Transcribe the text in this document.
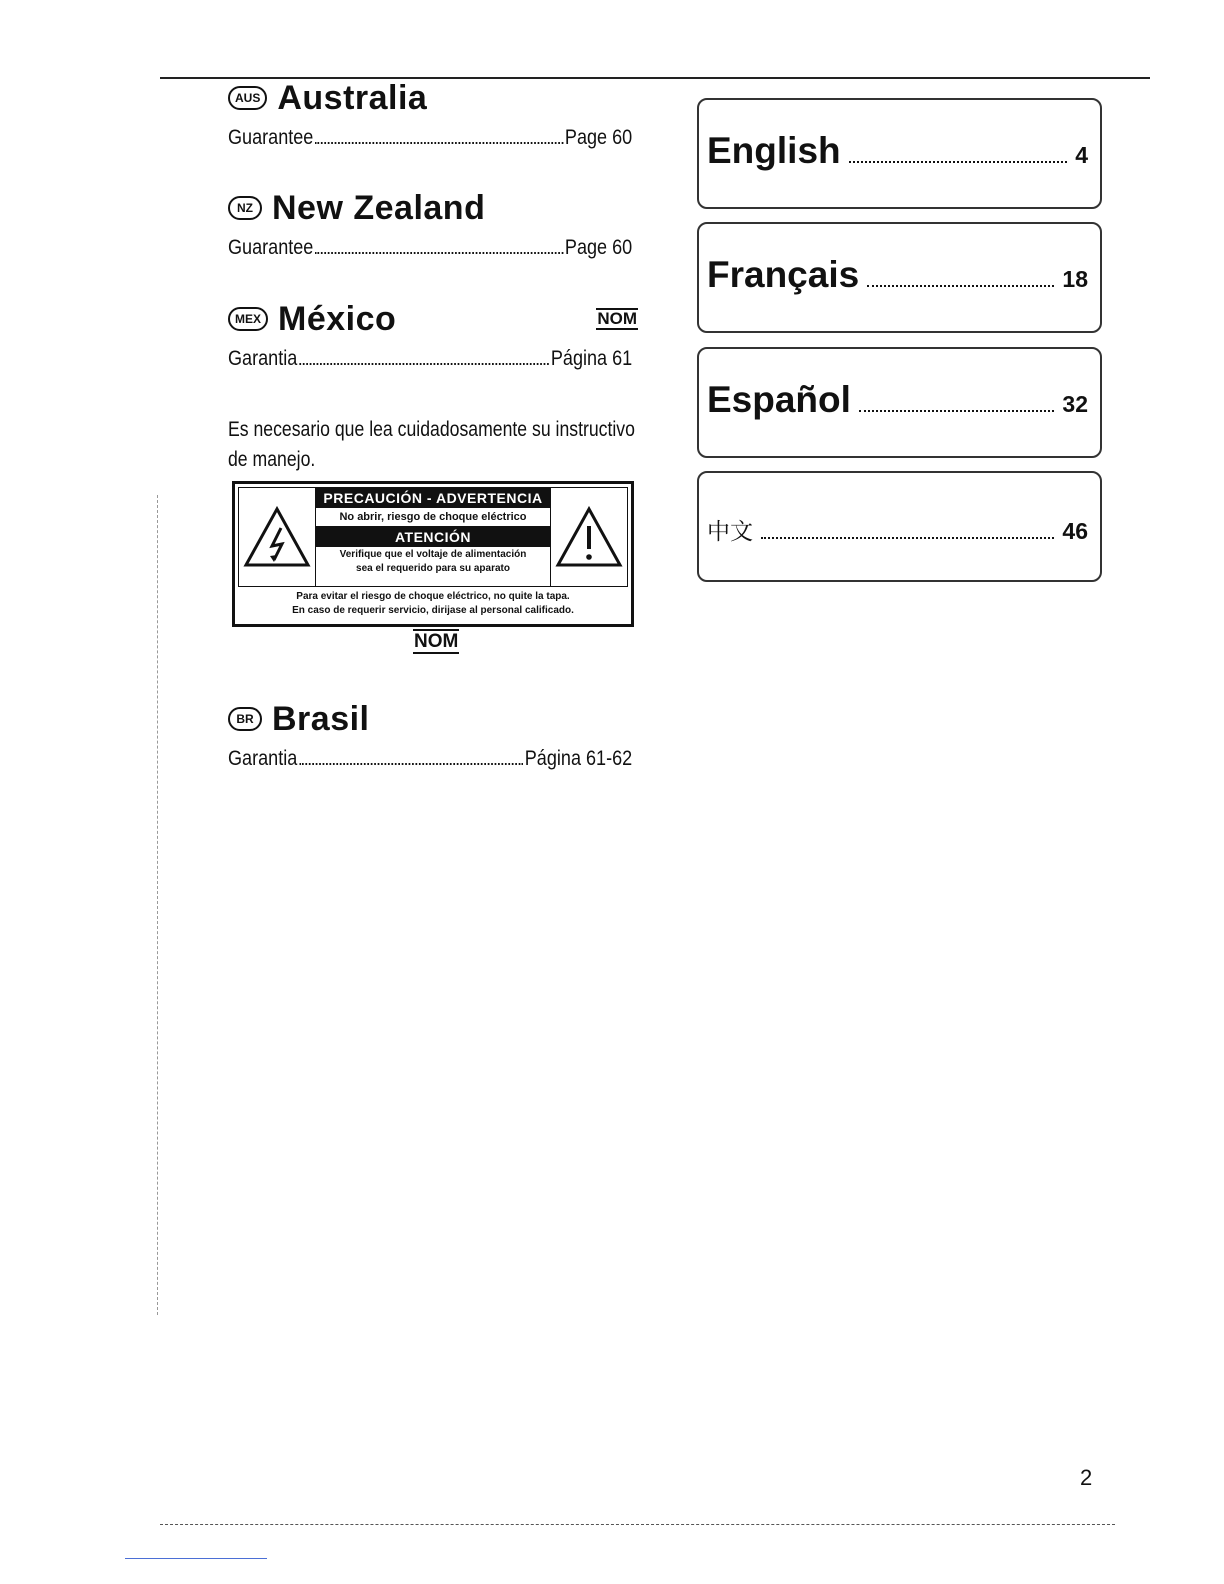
AUS Australia
Guarantee	Page 60
NZ New Zealand
Guarantee	Page 60
MEX México	NOM
Garantia	Página 61
Es necesario que lea cuidadosamente su instructivo de manejo.
PRECAUCIÓN - ADVERTENCIA
No abrir, riesgo de choque eléctrico
ATENCIÓN
Verifique que el voltaje de alimentación
sea el requerido para su aparato
Para evitar el riesgo de choque eléctrico, no quite la tapa.
En caso de requerir servicio, dirijase al personal calificado.
NOM
BR Brasil
Garantia	Página 61-62
English	4
Français	18
Español	32
中文	46
2
